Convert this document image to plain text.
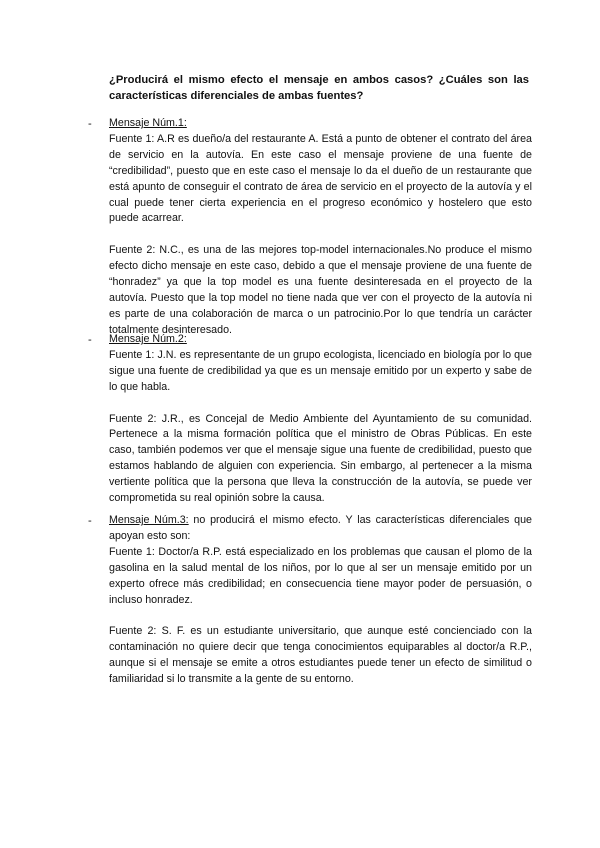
¿Producirá el mismo efecto el mensaje en ambos casos? ¿Cuáles son las características diferenciales de ambas fuentes?

- Mensaje Núm.1:

Fuente 1: A.R es dueño/a del restaurante A. Está a punto de obtener el contrato del área de servicio en la autovía. En este caso el mensaje proviene de una fuente de “credibilidad”, puesto que en este caso el mensaje lo da el dueño de un restaurante que está apunto de conseguir el contrato de área de servicio en el proyecto de la autovía y el cual puede tener cierta experiencia en el progreso económico y hostelero que esto puede acarrear.

Fuente 2: N.C., es una de las mejores top-model internacionales.No produce el mismo efecto dicho mensaje en este caso, debido a que el mensaje proviene de una fuente de “honradez” ya que la top model es una fuente desinteresada en el proyecto de la autovía. Puesto que la top model no tiene nada que ver con el proyecto de la autovía ni es parte de una colaboración de marca o un patrocinio.Por lo que tendría un carácter totalmente desinteresado.

- Mensaje Núm.2:

Fuente 1: J.N. es representante de un grupo ecologista, licenciado en biología por lo que sigue una fuente de credibilidad ya que es un mensaje emitido por un experto y sabe de lo que habla.

Fuente 2: J.R., es Concejal de Medio Ambiente del Ayuntamiento de su comunidad. Pertenece a la misma formación política que el ministro de Obras Públicas. En este caso, también podemos ver que el mensaje sigue una fuente de credibilidad, puesto que estamos hablando de alguien con experiencia. Sin embargo, al pertenecer a la misma vertiente política que la persona que lleva la construcción de la autovía, se puede ver comprometida su real opinión sobre la causa.

- Mensaje Núm.3: no producirá el mismo efecto. Y las características diferenciales que apoyan esto son:

Fuente 1: Doctor/a R.P. está especializado en los problemas que causan el plomo de la gasolina en la salud mental de los niños, por lo que al ser un mensaje emitido por un experto ofrece más credibilidad; en consecuencia tiene mayor poder de persuasión, o incluso honradez.

Fuente 2: S. F. es un estudiante universitario, que aunque esté concienciado con la contaminación no quiere decir que tenga conocimientos equiparables al doctor/a R.P., aunque si el mensaje se emite a otros estudiantes puede tener un efecto de similitud o familiaridad si lo transmite a la gente de su entorno.
